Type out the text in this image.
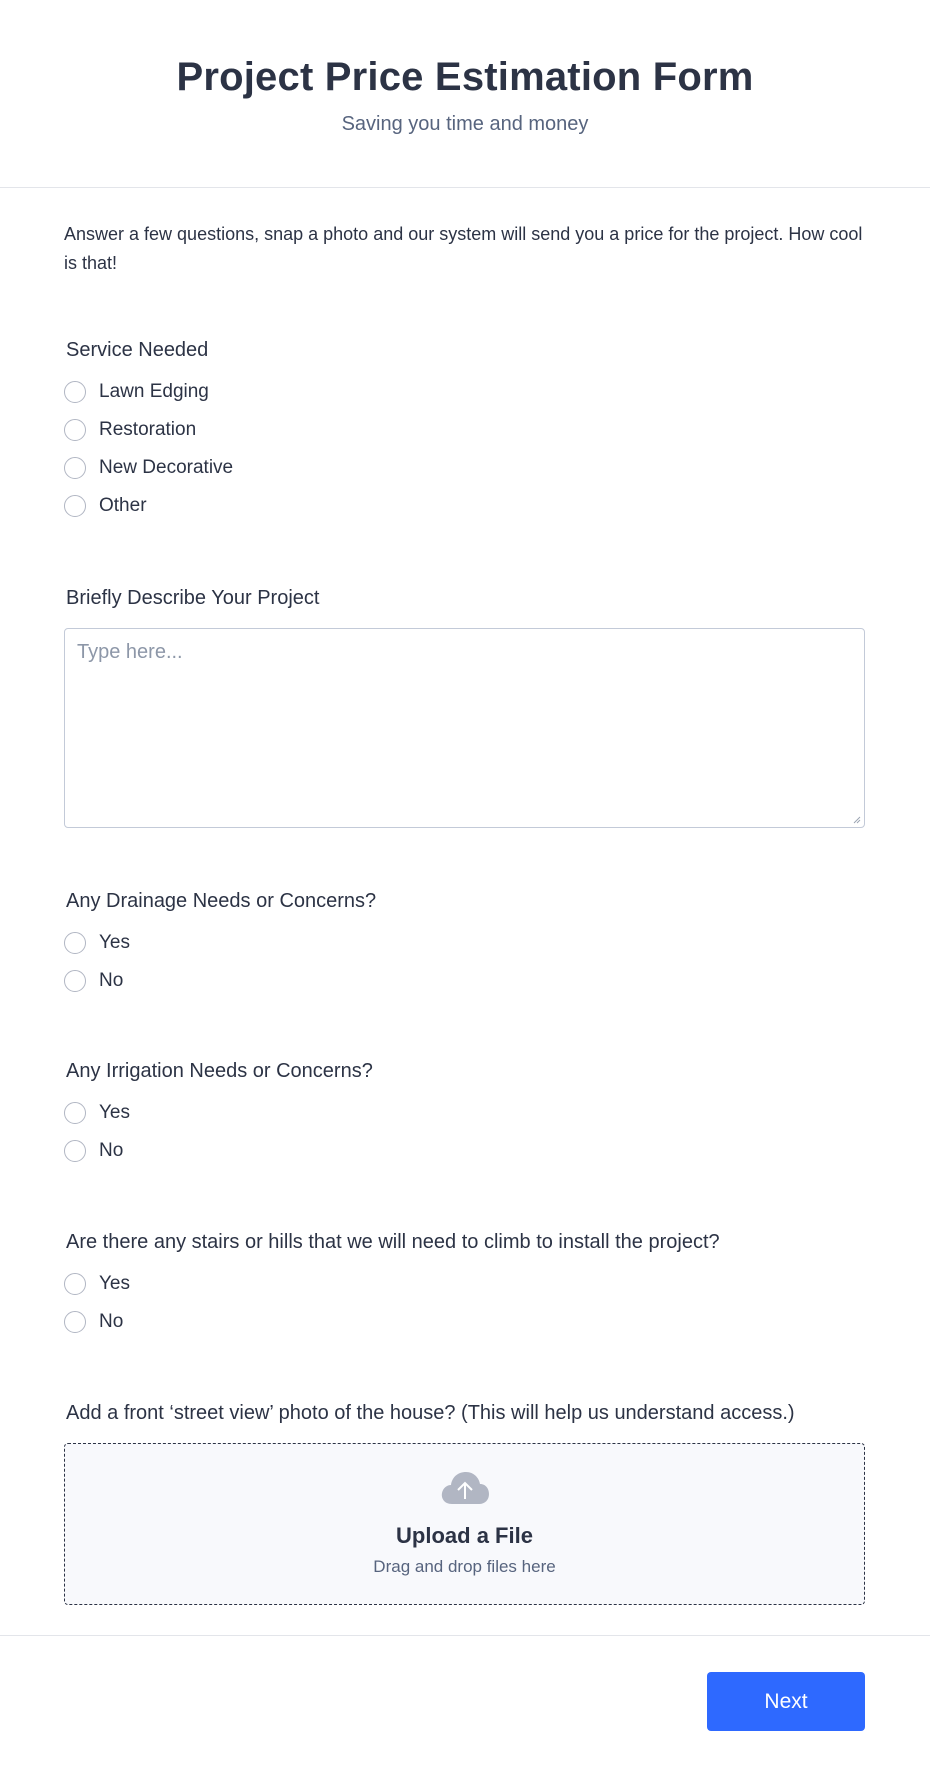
Project Price Estimation Form
Saving you time and money
Answer a few questions, snap a photo and our system will send you a price for the project. How cool is that!
Service Needed
Lawn Edging
Restoration
New Decorative
Other
Briefly Describe Your Project
Type here...
Any Drainage Needs or Concerns?
Yes
No
Any Irrigation Needs or Concerns?
Yes
No
Are there any stairs or hills that we will need to climb to install the project?
Yes
No
Add a front ‘street view’ photo of the house? (This will help us understand access.)
Upload a File
Drag and drop files here
Next
